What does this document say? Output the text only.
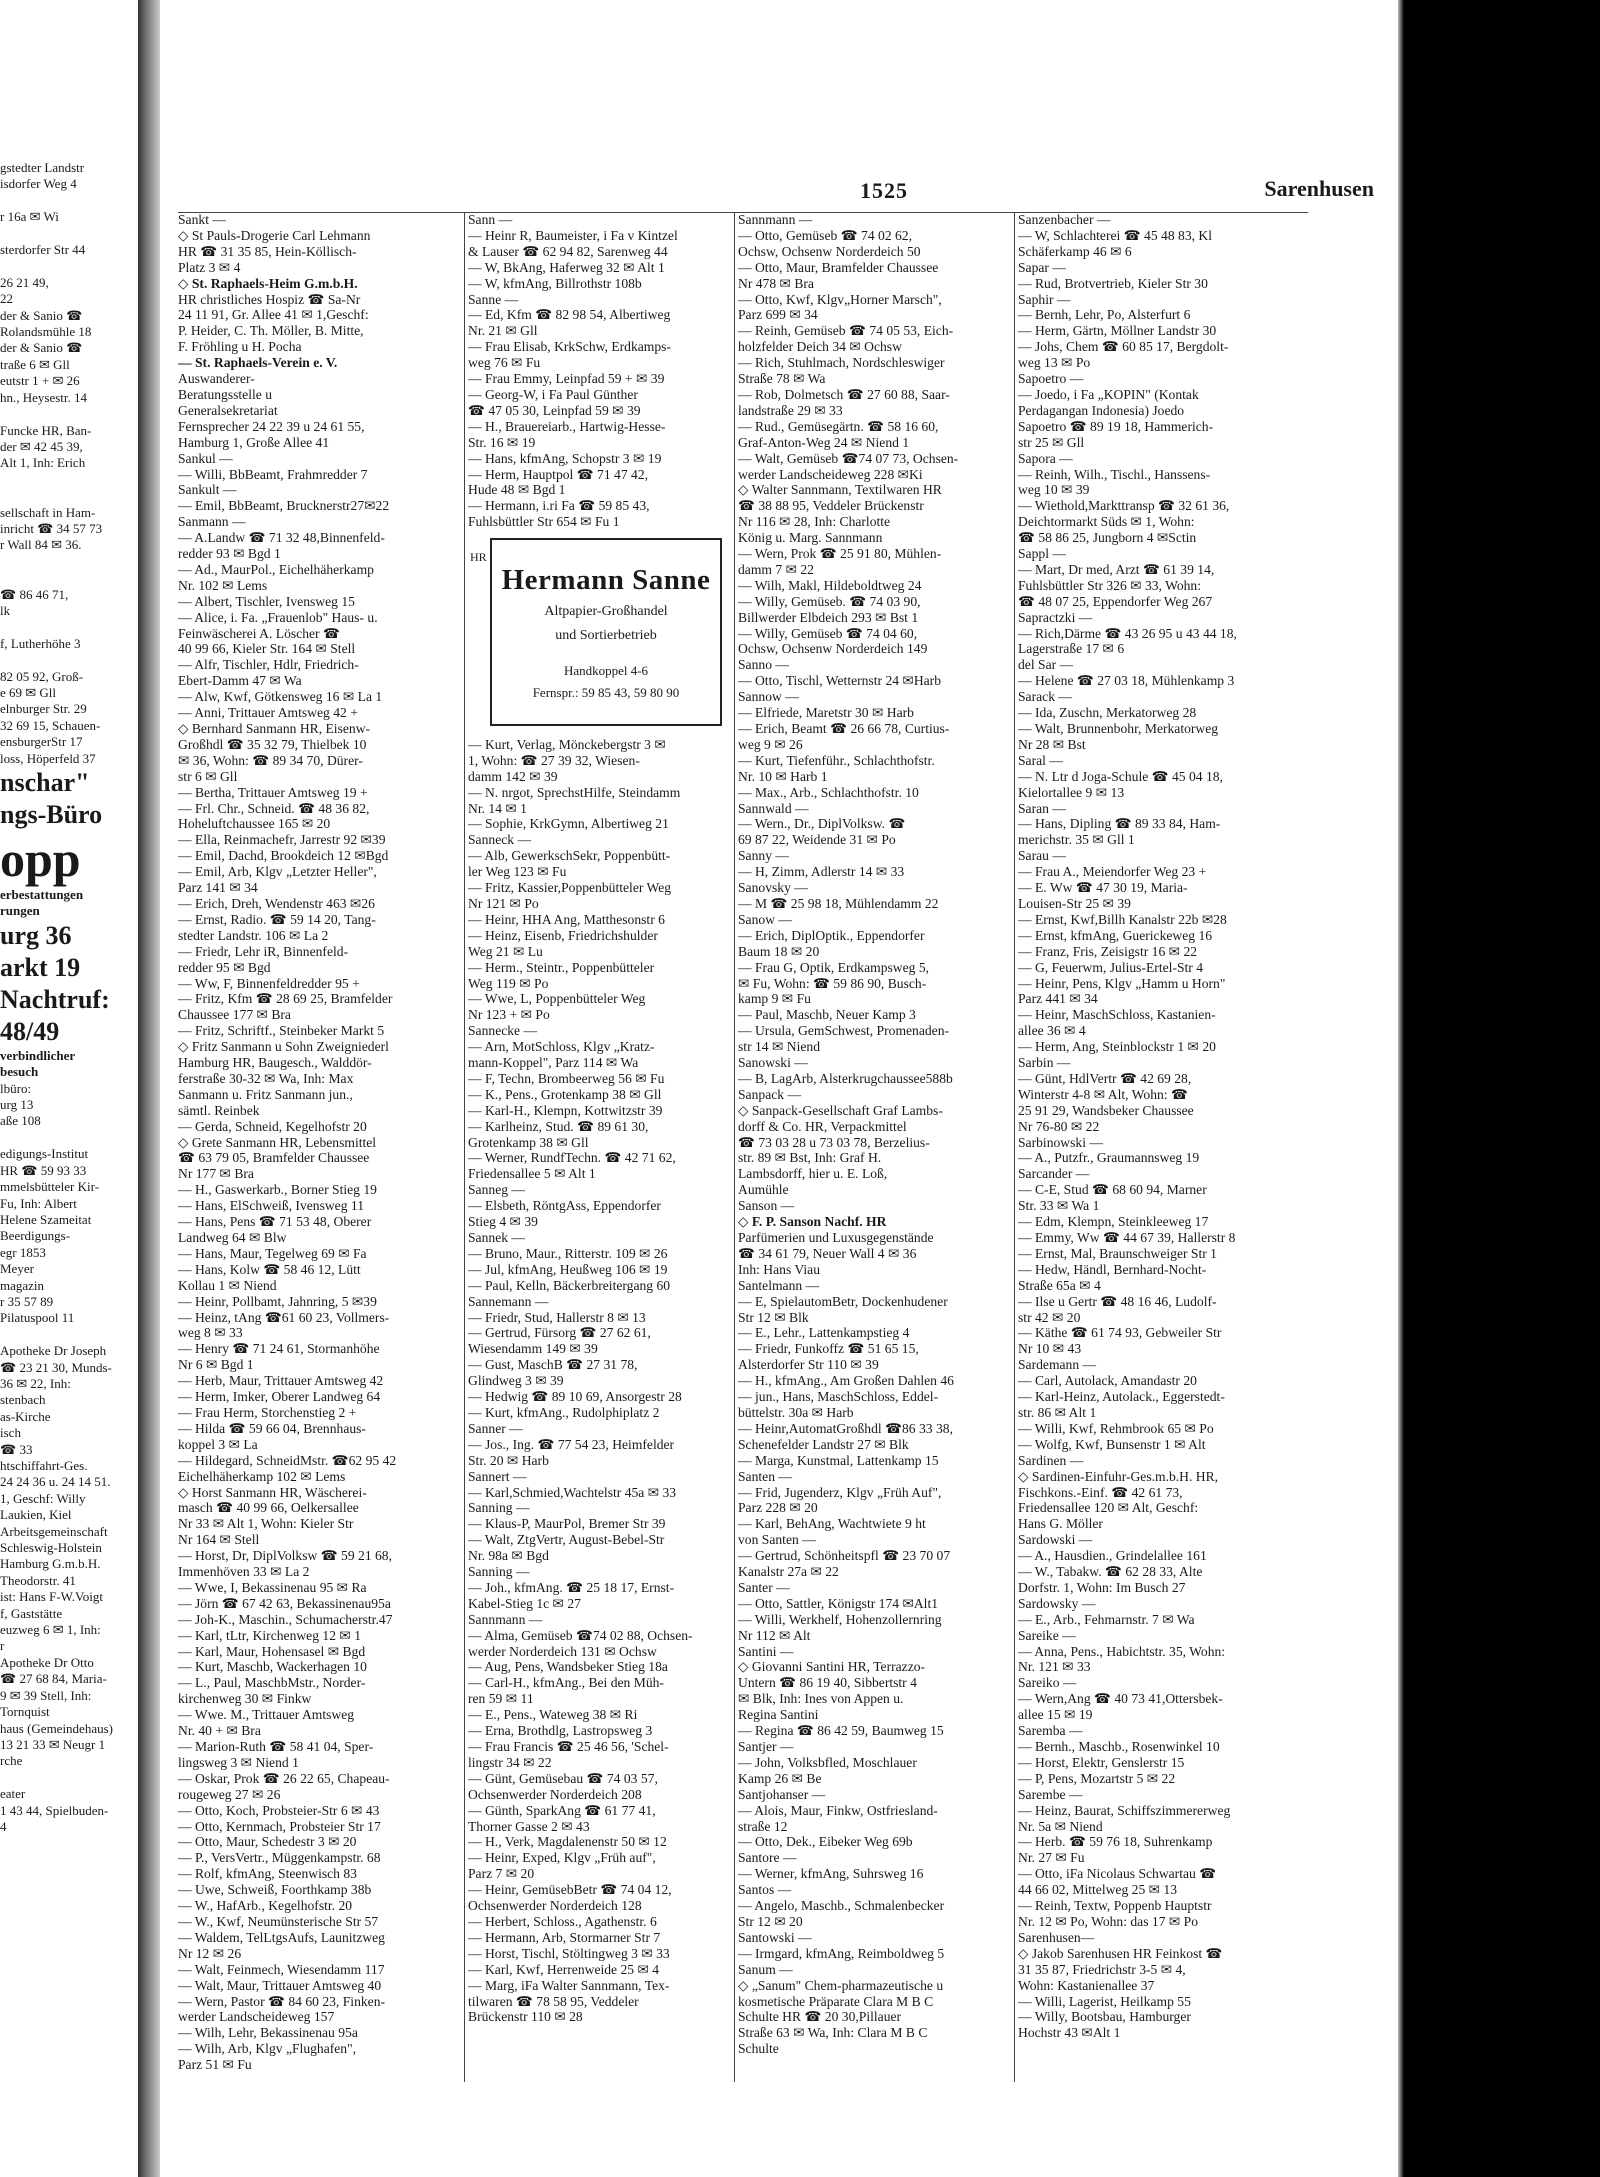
gstedter Landstr
isdorfer Weg 4

r 16a ✉ Wi

sterdorfer Str 44

26 21 49,
22
der & Sanio ☎
Rolandsmühle 18
der & Sanio ☎
traße 6 ✉ Gll
eutstr 1 + ✉ 26
hn., Heysestr. 14

Funcke HR, Ban-
der ✉ 42 45 39,
Alt 1, Inh: Erich

sellschaft in Ham-
inricht ☎ 34 57 73
r Wall 84 ✉ 36.

☎ 86 46 71,
lk

f, Lutherhöhe 3

82 05 92, Groß-
e 69 ✉ Gll
elnburger Str. 29
32 69 15, Schauen-
ensburgerStr 17
loss, Höperfeld 37
nschar"
ngs-Büro
opp
erbestattungen
rungen
urg 36
arkt 19
Nachtruf:
48/49
verbindlicher
besuch
lbüro:
urg 13
aße 108

edigungs-Institut
HR ☎ 59 93 33
mmelsbütteler Kir-
Fu, Inh: Albert
Helene Szameitat
Beerdigungs-
egr 1853
Meyer
magazin
r 35 57 89
Pilatuspool 11

Apotheke Dr Joseph
☎ 23 21 30, Munds-
36 ✉ 22, Inh:
stenbach
as-Kirche
isch
☎ 33
htschiffahrt-Ges.
24 24 36 u. 24 14 51.
1, Geschf: Willy
Laukien, Kiel
Arbeitsgemeinschaft
Schleswig-Holstein
Hamburg G.m.b.H.
Theodorstr. 41
ist: Hans F-W.Voigt
f, Gaststätte
euzweg 6 ✉ 1, Inh:
r
Apotheke Dr Otto
☎ 27 68 84, Maria-
9 ✉ 39 Stell, Inh:
Tornquist
haus (Gemeindehaus)
13 21 33 ✉ Neugr 1
rche

eater
1 43 44, Spielbuden-
4
1525	Sarenhusen
Sankt —
◇ St Pauls-Drogerie Carl Lehmann
HR ☎ 31 35 85, Hein-Köllisch-
Platz 3 ✉ 4
◇ St. Raphaels-Heim G.m.b.H.
HR christliches Hospiz ☎ Sa-Nr
24 11 91, Gr. Allee 41 ✉ 1,Geschf:
P. Heider, C. Th. Möller, B. Mitte,
F. Fröhling u H. Pocha
— St. Raphaels-Verein e. V.
Auswanderer-
Beratungsstelle u
Generalsekretariat
Fernsprecher 24 22 39 u 24 61 55,
Hamburg 1, Große Allee 41
Sankul —
— Willi, BbBeamt, Frahmredder 7
Sankult —
— Emil, BbBeamt, Brucknerstr27✉22
Sanmann —
— A.Landw ☎ 71 32 48,Binnenfeld-
redder 93 ✉ Bgd 1
— Ad., MaurPol., Eichelhäherkamp
Nr. 102 ✉ Lems
— Albert, Tischler, Ivensweg 15
— Alice, i. Fa. „Frauenlob" Haus- u.
Feinwäscherei A. Löscher ☎
40 99 66, Kieler Str. 164 ✉ Stell
— Alfr, Tischler, Hdlr, Friedrich-
Ebert-Damm 47 ✉ Wa
— Alw, Kwf, Götkensweg 16 ✉ La 1
— Anni, Trittauer Amtsweg 42 +
◇ Bernhard Sanmann HR, Eisenw-
Großhdl ☎ 35 32 79, Thielbek 10
✉ 36, Wohn: ☎ 89 34 70, Dürer-
str 6 ✉ Gll
— Bertha, Trittauer Amtsweg 19 +
— Frl. Chr., Schneid. ☎ 48 36 82,
Hoheluftchaussee 165 ✉ 20
— Ella, Reinmachefr, Jarrestr 92 ✉39
— Emil, Dachd, Brookdeich 12 ✉Bgd
— Emil, Arb, Klgv „Letzter Heller",
Parz 141 ✉ 34
— Erich, Dreh, Wendenstr 463 ✉26
— Ernst, Radio. ☎ 59 14 20, Tang-
stedter Landstr. 106 ✉ La 2
— Friedr, Lehr iR, Binnenfeld-
redder 95 ✉ Bgd
— Ww, F, Binnenfeldredder 95 +
— Fritz, Kfm ☎ 28 69 25, Bramfelder
Chaussee 177 ✉ Bra
— Fritz, Schriftf., Steinbeker Markt 5
◇ Fritz Sanmann u Sohn Zweigniederl
Hamburg HR, Baugesch., Walddör-
ferstraße 30-32 ✉ Wa, Inh: Max
Sanmann u. Fritz Sanmann jun.,
sämtl. Reinbek
— Gerda, Schneid, Kegelhofstr 20
◇ Grete Sanmann HR, Lebensmittel
☎ 63 79 05, Bramfelder Chaussee
Nr 177 ✉ Bra
— H., Gaswerkarb., Borner Stieg 19
— Hans, ElSchweiß, Ivensweg 11
— Hans, Pens ☎ 71 53 48, Oberer
Landweg 64 ✉ Blw
— Hans, Maur, Tegelweg 69 ✉ Fa
— Hans, Kolw ☎ 58 46 12, Lütt
Kollau 1 ✉ Niend
— Heinr, Pollbamt, Jahnring, 5 ✉39
— Heinz, tAng ☎61 60 23, Vollmers-
weg 8 ✉ 33
— Henry ☎ 71 24 61, Stormanhöhe
Nr 6 ✉ Bgd 1
— Herb, Maur, Trittauer Amtsweg 42
— Herm, Imker, Oberer Landweg 64
— Frau Herm, Storchenstieg 2 +
— Hilda ☎ 59 66 04, Brennhaus-
koppel 3 ✉ La
— Hildegard, SchneidMstr. ☎62 95 42
Eichelhäherkamp 102 ✉ Lems
◇ Horst Sanmann HR, Wäscherei-
masch ☎ 40 99 66, Oelkersallee
Nr 33 ✉ Alt 1, Wohn: Kieler Str
Nr 164 ✉ Stell
— Horst, Dr, DiplVolksw ☎ 59 21 68,
Immenhöven 33 ✉ La 2
— Wwe, I, Bekassinenau 95 ✉ Ra
— Jörn ☎ 67 42 63, Bekassinenau95a
— Joh-K., Maschin., Schumacherstr.47
— Karl, tLtr, Kirchenweg 12 ✉ 1
— Karl, Maur, Hohensasel ✉ Bgd
— Kurt, Maschb, Wackerhagen 10
— L., Paul, MaschbMstr., Norder-
kirchenweg 30 ✉ Finkw
— Wwe. M., Trittauer Amtsweg
Nr. 40 + ✉ Bra
— Marion-Ruth ☎ 58 41 04, Sper-
lingsweg 3 ✉ Niend 1
— Oskar, Prok ☎ 26 22 65, Chapeau-
rougeweg 27 ✉ 26
— Otto, Koch, Probsteier-Str 6 ✉ 43
— Otto, Kernmach, Probsteier Str 17
— Otto, Maur, Schedestr 3 ✉ 20
— P., VersVertr., Müggenkampstr. 68
— Rolf, kfmAng, Steenwisch 83
— Uwe, Schweiß, Foorthkamp 38b
— W., HafArb., Kegelhofstr. 20
— W., Kwf, Neumünsterische Str 57
— Waldem, TelLtgsAufs, Launitzweg
Nr 12 ✉ 26
— Walt, Feinmech, Wiesendamm 117
— Walt, Maur, Trittauer Amtsweg 40
— Wern, Pastor ☎ 84 60 23, Finken-
werder Landscheideweg 157
— Wilh, Lehr, Bekassinenau 95a
— Wilh, Arb, Klgv „Flughafen",
Parz 51 ✉ Fu
Sann —
— Heinr R, Baumeister, i Fa v Kintzel
& Lauser ☎ 62 94 82, Sarenweg 44
— W, BkAng, Haferweg 32 ✉ Alt 1
— W, kfmAng, Billrothstr 108b
Sanne —
— Ed, Kfm ☎ 82 98 54, Albertiweg
Nr. 21 ✉ Gll
— Frau Elisab, KrkSchw, Erdkamps-
weg 76 ✉ Fu
— Frau Emmy, Leinpfad 59 + ✉ 39
— Georg-W, i Fa Paul Günther
☎ 47 05 30, Leinpfad 59 ✉ 39
— H., Brauereiarb., Hartwig-Hesse-
Str. 16 ✉ 19
— Hans, kfmAng, Schopstr 3 ✉ 19
— Herm, Hauptpol ☎ 71 47 42,
Hude 48 ✉ Bgd 1
— Hermann, i.ri Fa ☎ 59 85 43,
Fuhlsbüttler Str 654 ✉ Fu 1

— Kurt, Verlag, Mönckebergstr 3 ✉
1, Wohn: ☎ 27 39 32, Wiesen-
damm 142 ✉ 39
— N. nrgot, SprechstHilfe, Steindamm
Nr. 14 ✉ 1
— Sophie, KrkGymn, Albertiweg 21
Sanneck —
— Alb, GewerkschSekr, Poppenbütt-
ler Weg 123 ✉ Fu
— Fritz, Kassier,Poppenbütteler Weg
Nr 121 ✉ Po
— Heinr, HHA Ang, Matthesonstr 6
— Heinz, Eisenb, Friedrichshulder
Weg 21 ✉ Lu
— Herm., Steintr., Poppenbütteler
Weg 119 ✉ Po
— Wwe, L, Poppenbütteler Weg
Nr 123 + ✉ Po
Sannecke —
— Arn, MotSchloss, Klgv „Kratz-
mann-Koppel", Parz 114 ✉ Wa
— F, Techn, Brombeerweg 56 ✉ Fu
— K., Pens., Grotenkamp 38 ✉ Gll
— Karl-H., Klempn, Kottwitzstr 39
— Karlheinz, Stud. ☎ 89 61 30,
Grotenkamp 38 ✉ Gll
— Werner, RundfTechn. ☎ 42 71 62,
Friedensallee 5 ✉ Alt 1
Sanneg —
— Elsbeth, RöntgAss, Eppendorfer
Stieg 4 ✉ 39
Sannek —
— Bruno, Maur., Ritterstr. 109 ✉ 26
— Jul, kfmAng, Heußweg 106 ✉ 19
— Paul, Kelln, Bäckerbreitergang 60
Sannemann —
— Friedr, Stud, Hallerstr 8 ✉ 13
— Gertrud, Fürsorg ☎ 27 62 61,
Wiesendamm 149 ✉ 39
— Gust, MaschB ☎ 27 31 78,
Glindweg 3 ✉ 39
— Hedwig ☎ 89 10 69, Ansorgestr 28
— Kurt, kfmAng., Rudolphiplatz 2
Sanner —
— Jos., Ing. ☎ 77 54 23, Heimfelder
Str. 20 ✉ Harb
Sannert —
— Karl,Schmied,Wachtelstr 45a ✉ 33
Sanning —
— Klaus-P, MaurPol, Bremer Str 39
— Walt, ZtgVertr, August-Bebel-Str
Nr. 98a ✉ Bgd
Sanning —
— Joh., kfmAng. ☎ 25 18 17, Ernst-
Kabel-Stieg 1c ✉ 27
Sannmann —
— Alma, Gemüseb ☎74 02 88, Ochsen-
werder Norderdeich 131 ✉ Ochsw
— Aug, Pens, Wandsbeker Stieg 18a
— Carl-H., kfmAng., Bei den Müh-
ren 59 ✉ 11
— E., Pens., Wateweg 38 ✉ Ri
— Erna, Brothdlg, Lastropsweg 3
— Frau Francis ☎ 25 46 56, 'Schel-
lingstr 34 ✉ 22
— Günt, Gemüsebau ☎ 74 03 57,
Ochsenwerder Norderdeich 208
— Günth, SparkAng ☎ 61 77 41,
Thorner Gasse 2 ✉ 43
— H., Verk, Magdalenenstr 50 ✉ 12
— Heinr, Exped, Klgv „Früh auf",
Parz 7 ✉ 20
— Heinr, GemüsebBetr ☎ 74 04 12,
Ochsenwerder Norderdeich 128
— Herbert, Schloss., Agathenstr. 6
— Hermann, Arb, Stormarner Str 7
— Horst, Tischl, Stöltingweg 3 ✉ 33
— Karl, Kwf, Herrenweide 25 ✉ 4
— Marg, iFa Walter Sannmann, Tex-
tilwaren ☎ 78 58 95, Veddeler
Brückenstr 110 ✉ 28
Sannmann —
— Otto, Gemüseb ☎ 74 02 62,
Ochsw, Ochsenw Norderdeich 50
— Otto, Maur, Bramfelder Chaussee
Nr 478 ✉ Bra
— Otto, Kwf, Klgv„Horner Marsch",
Parz 699 ✉ 34
— Reinh, Gemüseb ☎ 74 05 53, Eich-
holzfelder Deich 34 ✉ Ochsw
— Rich, Stuhlmach, Nordschleswiger
Straße 78 ✉ Wa
— Rob, Dolmetsch ☎ 27 60 88, Saar-
landstraße 29 ✉ 33
— Rud., Gemüsegärtn. ☎ 58 16 60,
Graf-Anton-Weg 24 ✉ Niend 1
— Walt, Gemüseb ☎74 07 73, Ochsen-
werder Landscheideweg 228 ✉Ki
◇ Walter Sannmann, Textilwaren HR
☎ 38 88 95, Veddeler Brückenstr
Nr 116 ✉ 28, Inh: Charlotte
König u. Marg. Sannmann
— Wern, Prok ☎ 25 91 80, Mühlen-
damm 7 ✉ 22
— Wilh, Makl, Hildeboldtweg 24
— Willy, Gemüseb. ☎ 74 03 90,
Billwerder Elbdeich 293 ✉ Bst 1
— Willy, Gemüseb ☎ 74 04 60,
Ochsw, Ochsenw Norderdeich 149
Sanno —
— Otto, Tischl, Wetternstr 24 ✉Harb
Sannow —
— Elfriede, Maretstr 30 ✉ Harb
— Erich, Beamt ☎ 26 66 78, Curtius-
weg 9 ✉ 26
— Kurt, Tiefenführ., Schlachthofstr.
Nr. 10 ✉ Harb 1
— Max., Arb., Schlachthofstr. 10
Sannwald —
— Wern., Dr., DiplVolksw. ☎
69 87 22, Weidende 31 ✉ Po
Sanny —
— H, Zimm, Adlerstr 14 ✉ 33
Sanovsky —
— M ☎ 25 98 18, Mühlendamm 22
Sanow —
— Erich, DiplOptik., Eppendorfer
Baum 18 ✉ 20
— Frau G, Optik, Erdkampsweg 5,
✉ Fu, Wohn: ☎ 59 86 90, Busch-
kamp 9 ✉ Fu
— Paul, Maschb, Neuer Kamp 3
— Ursula, GemSchwest, Promenaden-
str 14 ✉ Niend
Sanowski —
— B, LagArb, Alsterkrugchaussee588b
Sanpack —
◇ Sanpack-Gesellschaft Graf Lambs-
dorff & Co. HR, Verpackmittel
☎ 73 03 28 u 73 03 78, Berzelius-
str. 89 ✉ Bst, Inh: Graf H.
Lambsdorff, hier u. E. Loß,
Aumühle
Sanson —
◇ F. P. Sanson Nachf. HR
Parfümerien und Luxusgegenstände
☎ 34 61 79, Neuer Wall 4 ✉ 36
Inh: Hans Viau
Santelmann —
— E, SpielautomBetr, Dockenhudener
Str 12 ✉ Blk
— E., Lehr., Lattenkampstieg 4
— Friedr, Funkoffz ☎ 51 65 15,
Alsterdorfer Str 110 ✉ 39
— H., kfmAng., Am Großen Dahlen 46
— jun., Hans, MaschSchloss, Eddel-
büttelstr. 30a ✉ Harb
— Heinr,AutomatGroßhdl ☎86 33 38,
Schenefelder Landstr 27 ✉ Blk
— Marga, Kunstmal, Lattenkamp 15
Santen —
— Frid, Jugenderz, Klgv „Früh Auf",
Parz 228 ✉ 20
— Karl, BehAng, Wachtwiete 9 ht
von Santen —
— Gertrud, Schönheitspfl ☎ 23 70 07
Kanalstr 27a ✉ 22
Santer —
— Otto, Sattler, Königstr 174 ✉Alt1
— Willi, Werkhelf, Hohenzollernring
Nr 112 ✉ Alt
Santini —
◇ Giovanni Santini HR, Terrazzo-
Untern ☎ 86 19 40, Sibbertstr 4
✉ Blk, Inh: Ines von Appen u.
Regina Santini
— Regina ☎ 86 42 59, Baumweg 15
Santjer —
— John, Volksbfled, Moschlauer
Kamp 26 ✉ Be
Santjohanser —
— Alois, Maur, Finkw, Ostfriesland-
straße 12
— Otto, Dek., Eibeker Weg 69b
Santore —
— Werner, kfmAng, Suhrsweg 16
Santos —
— Angelo, Maschb., Schmalenbecker
Str 12 ✉ 20
Santowski —
— Irmgard, kfmAng, Reimboldweg 5
Sanum —
◇ „Sanum" Chem-pharmazeutische u
kosmetische Präparate Clara M B C
Schulte HR ☎ 20 30,Pillauer
Straße 63 ✉ Wa, Inh: Clara M B C
Schulte
Sanzenbacher —
— W, Schlachterei ☎ 45 48 83, Kl
Schäferkamp 46 ✉ 6
Sapar —
— Rud, Brotvertrieb, Kieler Str 30
Saphir —
— Bernh, Lehr, Po, Alsterfurt 6
— Herm, Gärtn, Möllner Landstr 30
— Johs, Chem ☎ 60 85 17, Bergdolt-
weg 13 ✉ Po
Sapoetro —
— Joedo, i Fa „KOPIN" (Kontak
Perdagangan Indonesia) Joedo
Sapoetro ☎ 89 19 18, Hammerich-
str 25 ✉ Gll
Sapora —
— Reinh, Wilh., Tischl., Hanssens-
weg 10 ✉ 39
— Wiethold,Markttransp ☎ 32 61 36,
Deichtormarkt Süds ✉ 1, Wohn:
☎ 58 86 25, Jungborn 4 ✉Sctin
Sappl —
— Mart, Dr med, Arzt ☎ 61 39 14,
Fuhlsbüttler Str 326 ✉ 33, Wohn:
☎ 48 07 25, Eppendorfer Weg 267
Sapractzki —
— Rich,Därme ☎ 43 26 95 u 43 44 18,
Lagerstraße 17 ✉ 6
del Sar —
— Helene ☎ 27 03 18, Mühlenkamp 3
Sarack —
— Ida, Zuschn, Merkatorweg 28
— Walt, Brunnenbohr, Merkatorweg
Nr 28 ✉ Bst
Saral —
— N. Ltr d Joga-Schule ☎ 45 04 18,
Kielortallee 9 ✉ 13
Saran —
— Hans, Dipling ☎ 89 33 84, Ham-
merichstr. 35 ✉ Gll 1
Sarau —
— Frau A., Meiendorfer Weg 23 +
— E. Ww ☎ 47 30 19, Maria-
Louisen-Str 25 ✉ 39
— Ernst, Kwf,Billh Kanalstr 22b ✉28
— Ernst, kfmAng, Guerickeweg 16
— Franz, Fris, Zeisigstr 16 ✉ 22
— G, Feuerwm, Julius-Ertel-Str 4
— Heinr, Pens, Klgv „Hamm u Horn"
Parz 441 ✉ 34
— Heinr, MaschSchloss, Kastanien-
allee 36 ✉ 4
— Herm, Ang, Steinblockstr 1 ✉ 20
Sarbin —
— Günt, HdlVertr ☎ 42 69 28,
Winterstr 4-8 ✉ Alt, Wohn: ☎
25 91 29, Wandsbeker Chaussee
Nr 76-80 ✉ 22
Sarbinowski —
— A., Putzfr., Graumannsweg 19
Sarcander —
— C-E, Stud ☎ 68 60 94, Marner
Str. 33 ✉ Wa 1
— Edm, Klempn, Steinkleeweg 17
— Emmy, Ww ☎ 44 67 39, Hallerstr 8
— Ernst, Mal, Braunschweiger Str 1
— Hedw, Händl, Bernhard-Nocht-
Straße 65a ✉ 4
— Ilse u Gertr ☎ 48 16 46, Ludolf-
str 42 ✉ 20
— Käthe ☎ 61 74 93, Gebweiler Str
Nr 10 ✉ 43
Sardemann —
— Carl, Autolack, Amandastr 20
— Karl-Heinz, Autolack., Eggerstedt-
str. 86 ✉ Alt 1
— Willi, Kwf, Rehmbrook 65 ✉ Po
— Wolfg, Kwf, Bunsenstr 1 ✉ Alt
Sardinen —
◇ Sardinen-Einfuhr-Ges.m.b.H. HR,
Fischkons.-Einf. ☎ 42 61 73,
Friedensallee 120 ✉ Alt, Geschf:
Hans G. Möller
Sardowski —
— A., Hausdien., Grindelallee 161
— W., Tabakw. ☎ 62 28 33, Alte
Dorfstr. 1, Wohn: Im Busch 27
Sardowsky —
— E., Arb., Fehmarnstr. 7 ✉ Wa
Sareike —
— Anna, Pens., Habichtstr. 35, Wohn:
Nr. 121 ✉ 33
Sareiko —
— Wern,Ang ☎ 40 73 41,Ottersbek-
allee 15 ✉ 19
Saremba —
— Bernh., Maschb., Rosenwinkel 10
— Horst, Elektr, Genslerstr 15
— P, Pens, Mozartstr 5 ✉ 22
Sarembe —
— Heinz, Baurat, Schiffszimmererweg
Nr. 5a ✉ Niend
— Herb. ☎ 59 76 18, Suhrenkamp
Nr. 27 ✉ Fu
— Otto, iFa Nicolaus Schwartau ☎
44 66 02, Mittelweg 25 ✉ 13
— Reinh, Textw, Poppenb Hauptstr
Nr. 12 ✉ Po, Wohn: das 17 ✉ Po
Sarenhusen—
◇ Jakob Sarenhusen HR Feinkost ☎
31 35 87, Friedrichstr 3-5 ✉ 4,
Wohn: Kastanienallee 37
— Willi, Lagerist, Heilkamp 55
— Willy, Bootsbau, Hamburger
Hochstr 43 ✉Alt 1
HR
Hermann Sanne
Altpapier-Großhandel
und Sortierbetrieb
Handkoppel 4-6
Fernspr.: 59 85 43, 59 80 90
